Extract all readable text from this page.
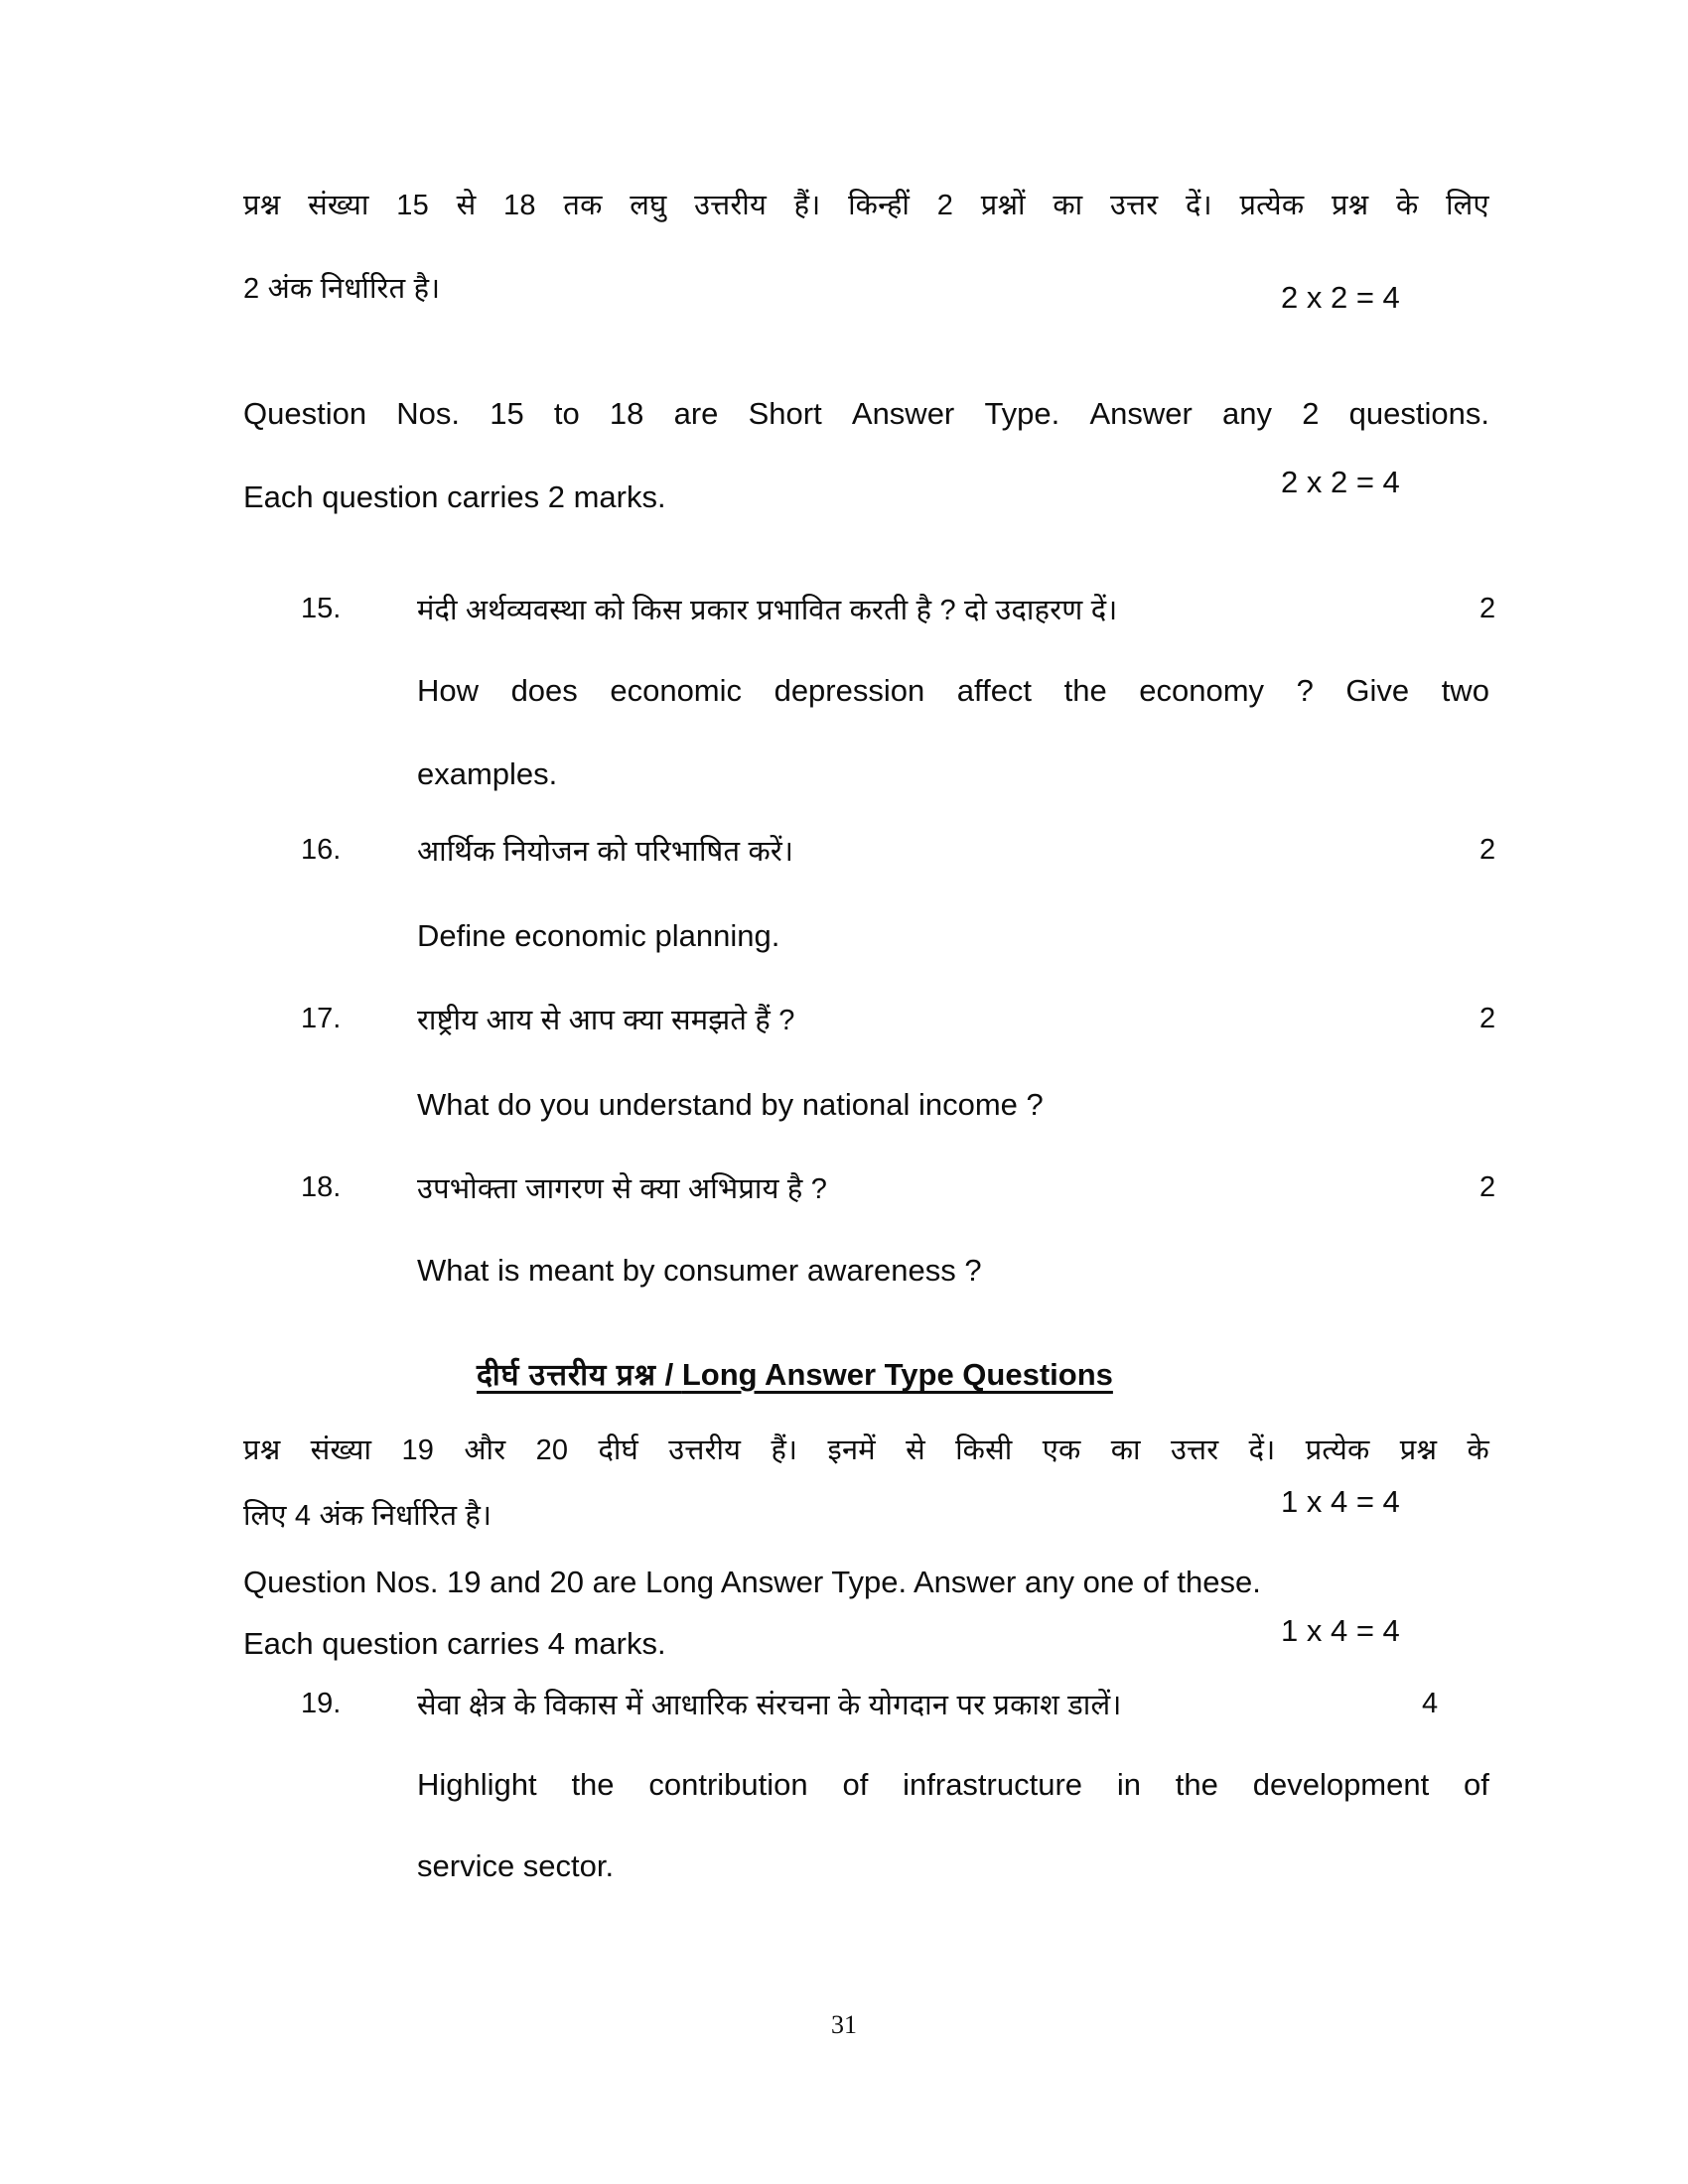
प्रश्न संख्या 15 से 18 तक लघु उत्तरीय हैं। किन्हीं 2 प्रश्नों का उत्तर दें। प्रत्येक प्रश्न के लिए
2 अंक निर्धारित है।	2 x 2 = 4
Question Nos. 15 to 18 are Short Answer Type. Answer any 2 questions.
Each question carries 2 marks.	2 x 2 = 4
15.	मंदी अर्थव्यवस्था को किस प्रकार प्रभावित करती है ? दो उदाहरण दें।	2
How does economic depression affect the economy ? Give two
examples.
16.	आर्थिक नियोजन को परिभाषित करें।	2
Define economic planning.
17.	राष्ट्रीय आय से आप क्या समझते हैं ?	2
What do you understand by national income ?
18.	उपभोक्ता जागरण से क्या अभिप्राय है ?	2
What is meant by consumer awareness ?
दीर्घ उत्तरीय प्रश्न / Long Answer Type Questions
प्रश्न संख्या 19 और 20 दीर्घ उत्तरीय हैं। इनमें से किसी एक का उत्तर दें। प्रत्येक प्रश्न के
लिए 4 अंक निर्धारित है।	1 x 4 = 4
Question Nos. 19 and 20 are Long Answer Type. Answer any one of these.
Each question carries 4 marks.	1 x 4 = 4
19.	सेवा क्षेत्र के विकास में आधारिक संरचना के योगदान पर प्रकाश डालें।	4
Highlight the contribution of infrastructure in the development of
service sector.
31
